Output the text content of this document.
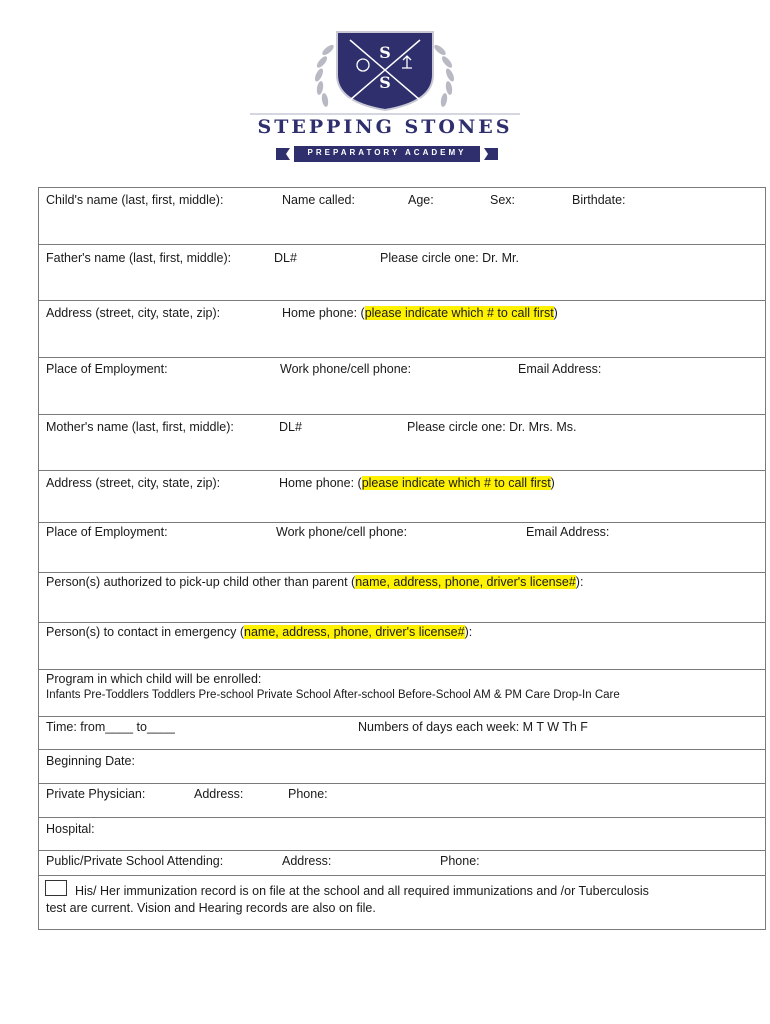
S
S
STEPPING STONES
PREPARATORY ACADEMY
Child's name (last, first, middle):	Name called:	Age:	Sex:	Birthdate:
Father's name (last, first, middle):	DL#	Please circle one: Dr. Mr.
Address (street, city, state, zip):	Home phone: (please indicate which # to call first)
Place of Employment:	Work phone/cell phone:	Email Address:
Mother's name (last, first, middle):	DL#	Please circle one: Dr. Mrs. Ms.
Address (street, city, state, zip):	Home phone: (please indicate which # to call first)
Place of Employment:	Work phone/cell phone:	Email Address:
Person(s) authorized to pick-up child other than parent (name, address, phone, driver's license#):
Person(s) to contact in emergency (name, address, phone, driver's license#):
Program in which child will be enrolled:
Infants Pre-Toddlers Toddlers Pre-school Private School After-school Before-School AM & PM Care Drop-In Care
Time: from____ to____	Numbers of days each week: M T W Th F
Beginning Date:
Private Physician:	Address:	Phone:
Hospital:
Public/Private School Attending:	Address:	Phone:
His/ Her immunization record is on file at the school and all required immunizations and /or Tuberculosis
test are current. Vision and Hearing records are also on file.
